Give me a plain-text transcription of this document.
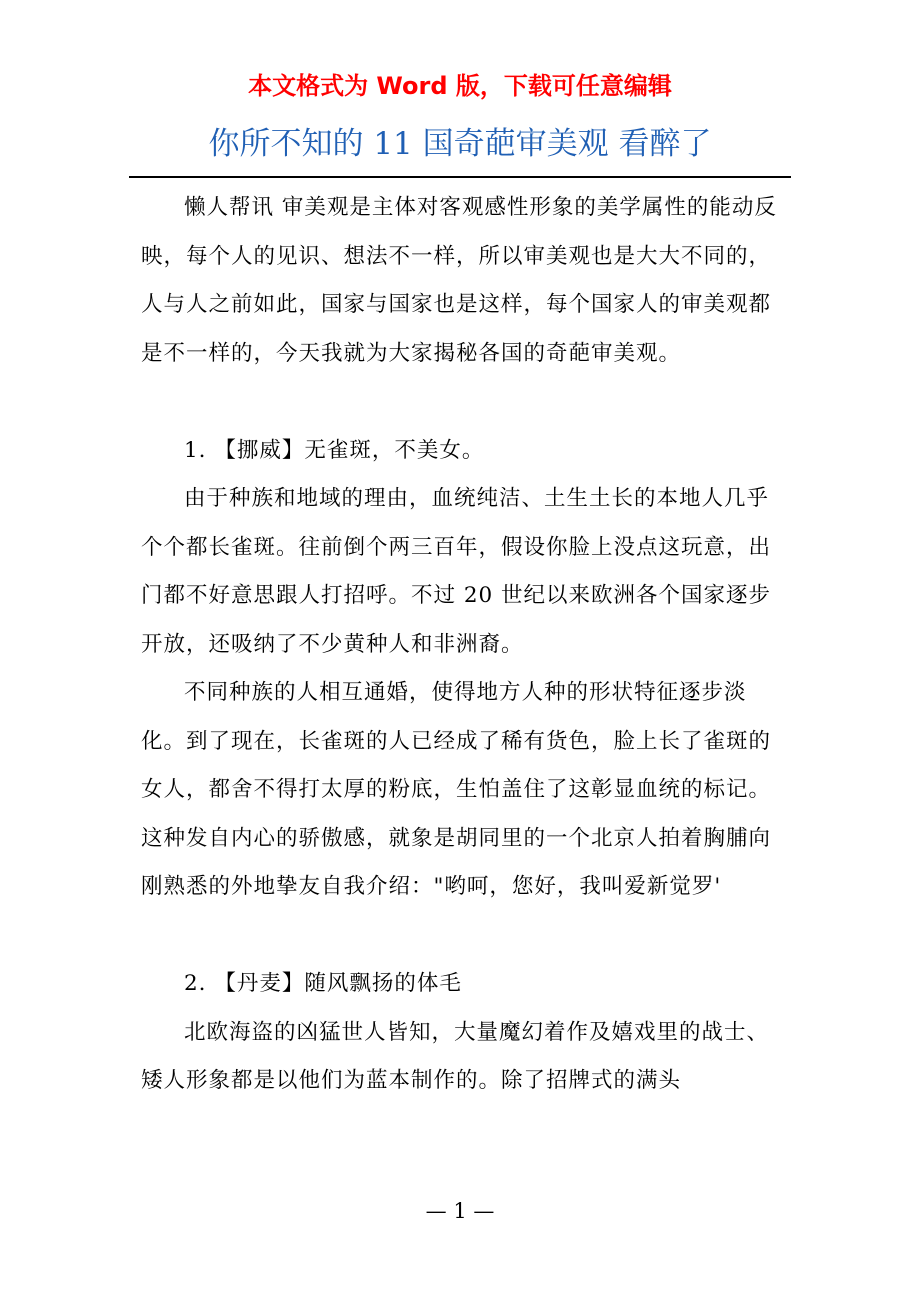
本文格式为 Word 版，下载可任意编辑
你所不知的 11 国奇葩审美观 看醉了

懒人帮讯 审美观是主体对客观感性形象的美学属性的能动反映，每个人的见识、想法不一样，所以审美观也是大大不同的，人与人之前如此，国家与国家也是这样，每个国家人的审美观都是不一样的，今天我就为大家揭秘各国的奇葩审美观。

1. 【挪威】无雀斑，不美女。

由于种族和地域的理由，血统纯洁、土生土长的本地人几乎个个都长雀斑。往前倒个两三百年，假设你脸上没点这玩意，出门都不好意思跟人打招呼。不过 20 世纪以来欧洲各个国家逐步开放，还吸纳了不少黄种人和非洲裔。

不同种族的人相互通婚，使得地方人种的形状特征逐步淡化。到了现在，长雀斑的人已经成了稀有货色，脸上长了雀斑的女人，都舍不得打太厚的粉底，生怕盖住了这彰显血统的标记。这种发自内心的骄傲感，就象是胡同里的一个北京人拍着胸脯向刚熟悉的外地挚友自我介绍："哟呵，您好，我叫爱新觉罗'

2. 【丹麦】随风飘扬的体毛

北欧海盗的凶猛世人皆知，大量魔幻着作及嬉戏里的战士、矮人形象都是以他们为蓝本制作的。除了招牌式的满头

— 1 —
